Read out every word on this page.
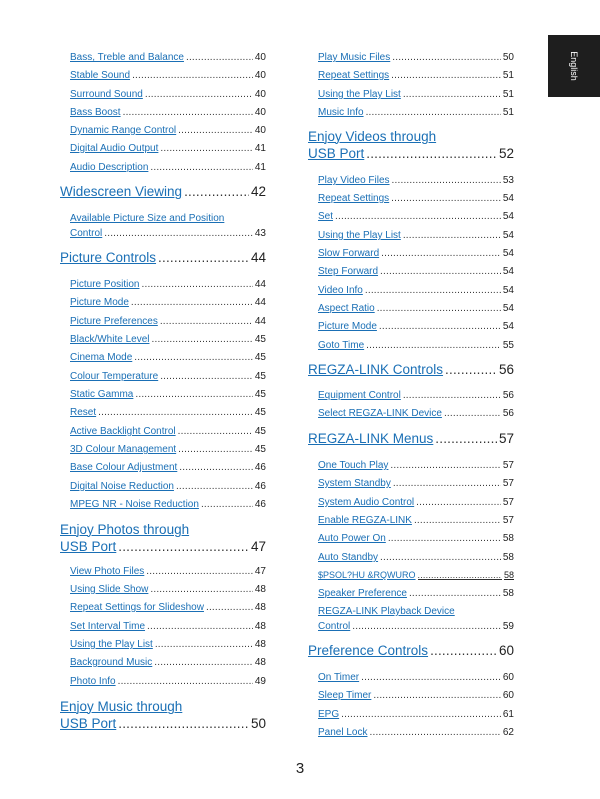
English
Bass, Treble and Balance .....	40
Stable Sound .....	40
Surround Sound .....	40
Bass Boost .....	40
Dynamic Range Control .....	40
Digital Audio Output .....	41
Audio Description .....	41
Widescreen Viewing .....	42
Available Picture Size and Position
Control .....	43
Picture Controls .....	44
Picture Position .....	44
Picture Mode .....	44
Picture Preferences .....	44
Black/White Level .....	45
Cinema Mode .....	45
Colour Temperature .....	45
Static Gamma .....	45
Reset .....	45
Active Backlight Control .....	45
3D Colour Management .....	45
Base Colour Adjustment .....	46
Digital Noise Reduction .....	46
MPEG NR - Noise Reduction .....	46
Enjoy Photos through
USB Port .....	47
View Photo Files .....	47
Using Slide Show .....	48
Repeat Settings for Slideshow .....	48
Set Interval Time .....	48
Using the Play List .....	48
Background Music .....	48
Photo Info .....	49
Enjoy Music through
USB Port .....	50
Play Music Files .....	50
Repeat Settings .....	51
Using the Play List .....	51
Music Info .....	51
Enjoy Videos through
USB Port .....	52
Play Video Files .....	53
Repeat Settings .....	54
Set .....	54
Using the Play List .....	54
Slow Forward .....	54
Step Forward .....	54
Video Info .....	54
Aspect Ratio .....	54
Picture Mode .....	54
Goto Time .....	55
REGZA-LINK Controls .....	56
Equipment Control .....	56
Select REGZA-LINK Device .....	56
REGZA-LINK Menus .....	57
One Touch Play .....	57
System Standby .....	57
System Audio Control .....	57
Enable REGZA-LINK .....	57
Auto Power On .....	58
Auto Standby .....	58
$PSOL?HU &RQWURO .....	58
Speaker Preference .....	58
REGZA-LINK Playback Device
Control .....	59
Preference Controls .....	60
On Timer .....	60
Sleep Timer .....	60
EPG .....	61
Panel Lock .....	62
3
